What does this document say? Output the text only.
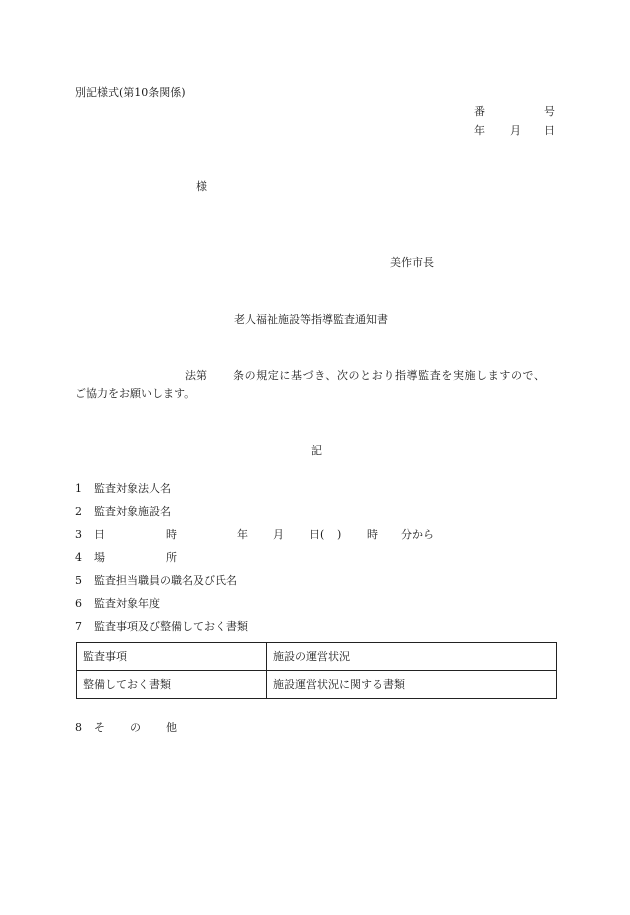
別記様式(第10条関係)
番	号
年 月 日
様
美作市長
老人福祉施設等指導監査通知書
法第 条の規定に基づき、次のとおり指導監査を実施しますので、
ご協力をお願いします。
記
1 監査対象法人名
2 監査対象施設名
3 日	時	年 月 日( ) 時 分から
4 場	所
5 監査担当職員の職名及び氏名
6 監査対象年度
7 監査事項及び整備しておく書類
監査事項	施設の運営状況
整備しておく書類	施設運営状況に関する書類
8 そ の 他
